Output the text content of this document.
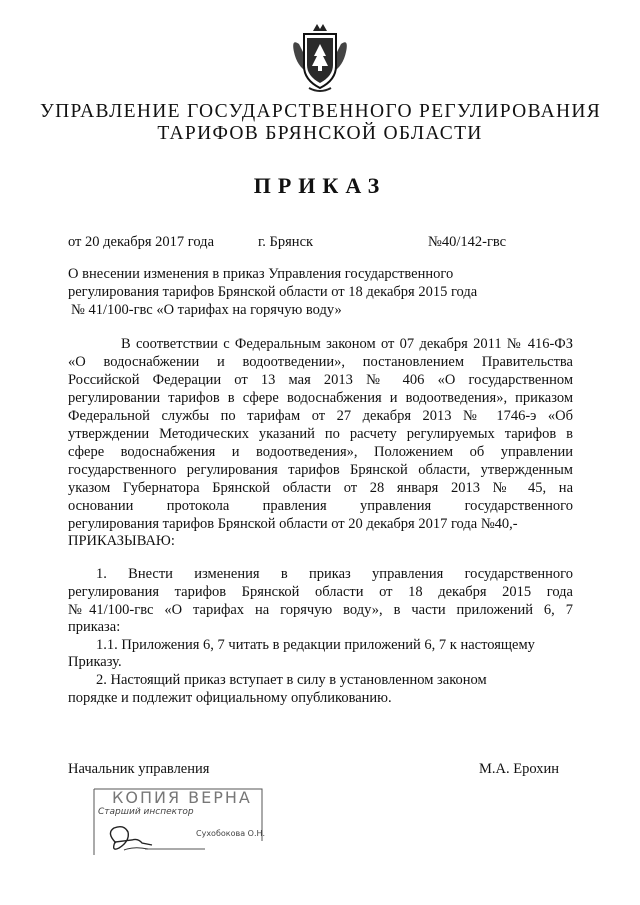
УПРАВЛЕНИЕ ГОСУДАРСТВЕННОГО РЕГУЛИРОВАНИЯ
ТАРИФОВ БРЯНСКОЙ ОБЛАСТИ
ПРИКАЗ
от 20 декабря 2017 года	г. Брянск	№40/142-гвс
О внесении изменения в приказ Управления государственного
регулирования тарифов Брянской области от 18 декабря 2015 года
№ 41/100-гвс «О тарифах на горячую воду»
В соответствии с Федеральным законом от 07 декабря 2011 № 416-ФЗ
«О водоснабжении и водоотведении», постановлением Правительства
Российской Федерации от 13 мая 2013 № 406 «О государственном
регулировании тарифов в сфере водоснабжения и водоотведения», приказом
Федеральной службы по тарифам от 27 декабря 2013 № 1746-э «Об
утверждении Методических указаний по расчету регулируемых тарифов в
сфере водоснабжения и водоотведения», Положением об управлении
государственного регулирования тарифов Брянской области, утвержденным
указом Губернатора Брянской области от 28 января 2013 № 45, на
основании протокола правления управления государственного
регулирования тарифов Брянской области от 20 декабря 2017 года №40,-
ПРИКАЗЫВАЮ:
1. Внести изменения в приказ управления государственного
регулирования тарифов Брянской области от 18 декабря 2015 года
№41/100-гвс «О тарифах на горячую воду», в части приложений 6, 7
приказа:
1.1. Приложения 6, 7 читать в редакции приложений 6, 7 к настоящему
Приказу.
2. Настоящий приказ вступает в силу в установленном законом
порядке и подлежит официальному опубликованию.
Начальник управления	М.А. Ерохин
КОПИЯ ВЕРНА
Старший инспектор
Сухобокова О.Н.
